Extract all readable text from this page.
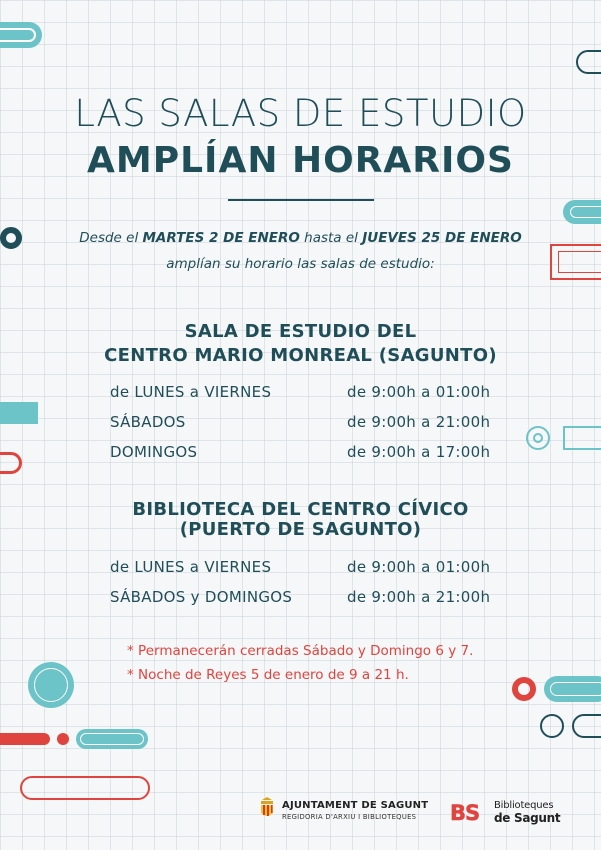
LAS SALAS DE ESTUDIO
AMPLÍAN HORARIOS
Desde el MARTES 2 DE ENERO hasta el JUEVES 25 DE ENERO
amplían su horario las salas de estudio:
SALA DE ESTUDIO DEL
CENTRO MARIO MONREAL (SAGUNTO)
de LUNES a VIERNES	de 9:00h a 01:00h
SÁBADOS	de 9:00h a 21:00h
DOMINGOS	de 9:00h a 17:00h
BIBLIOTECA DEL CENTRO CÍVICO
(PUERTO DE SAGUNTO)
de LUNES a VIERNES	de 9:00h a 01:00h
SÁBADOS y DOMINGOS	de 9:00h a 21:00h
* Permanecerán cerradas Sábado y Domingo 6 y 7.
* Noche de Reyes 5 de enero de 9 a 21 h.
AJUNTAMENT DE SAGUNT
REGIDORIA D'ARXIU I BIBLIOTEQUES BS Biblioteques
de Sagunt
